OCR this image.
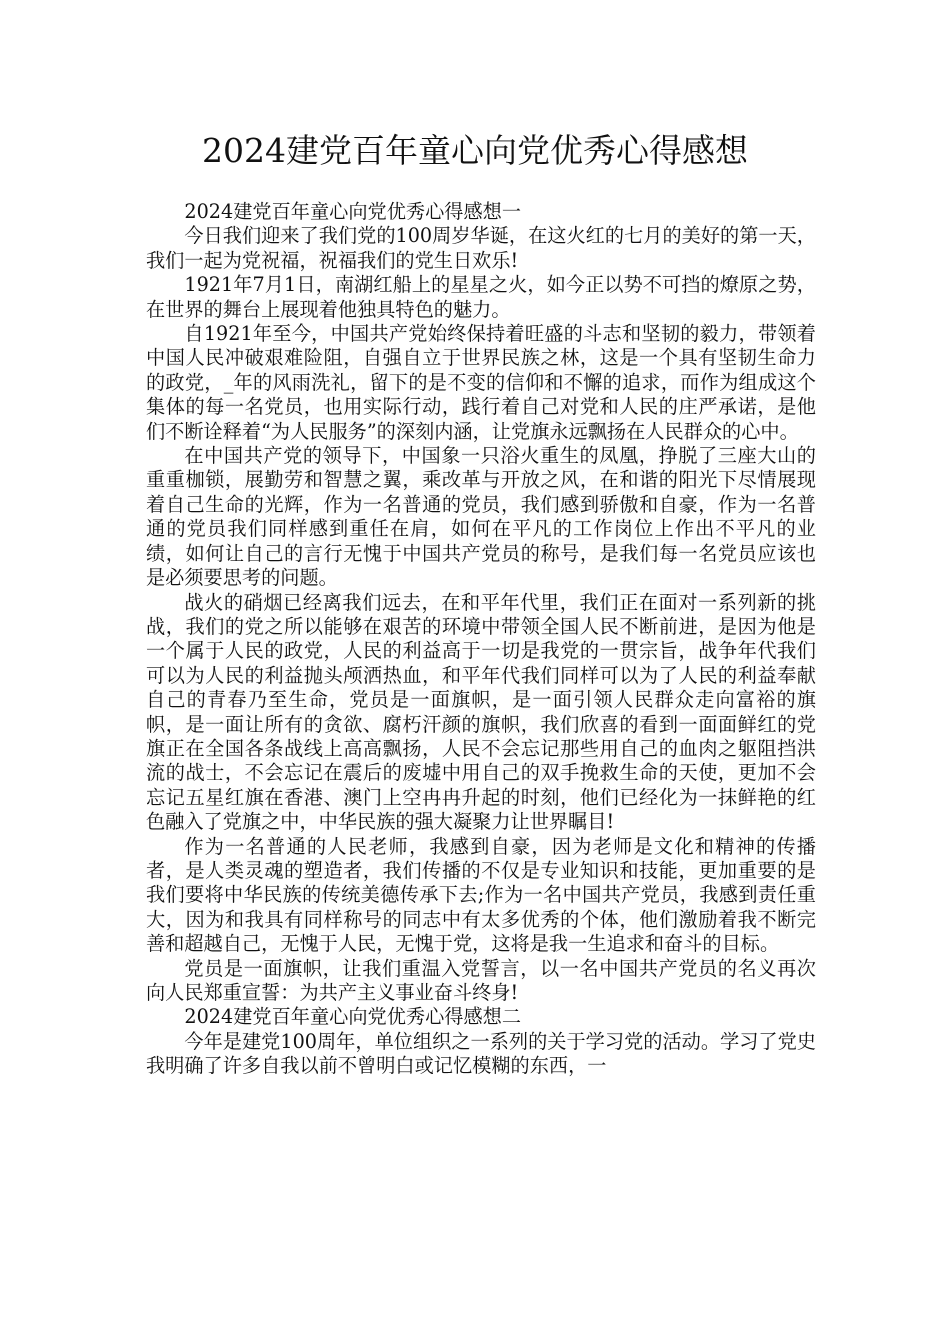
2024建党百年童心向党优秀心得感想

2024建党百年童心向党优秀心得感想一

今日我们迎来了我们党的100周岁华诞，在这火红的七月的美好的第一天，我们一起为党祝福，祝福我们的党生日欢乐!

1921年7月1日，南湖红船上的星星之火，如今正以势不可挡的燎原之势，在世界的舞台上展现着他独具特色的魅力。

自1921年至今，中国共产党始终保持着旺盛的斗志和坚韧的毅力，带领着中国人民冲破艰难险阻，自强自立于世界民族之林，这是一个具有坚韧生命力的政党，_年的风雨洗礼，留下的是不变的信仰和不懈的追求，而作为组成这个集体的每一名党员，也用实际行动，践行着自己对党和人民的庄严承诺，是他们不断诠释着“为人民服务”的深刻内涵，让党旗永远飘扬在人民群众的心中。

在中国共产党的领导下，中国象一只浴火重生的凤凰，挣脱了三座大山的重重枷锁，展勤劳和智慧之翼，乘改革与开放之风，在和谐的阳光下尽情展现着自己生命的光辉，作为一名普通的党员，我们感到骄傲和自豪，作为一名普通的党员我们同样感到重任在肩，如何在平凡的工作岗位上作出不平凡的业绩，如何让自己的言行无愧于中国共产党员的称号，是我们每一名党员应该也是必须要思考的问题。

战火的硝烟已经离我们远去，在和平年代里，我们正在面对一系列新的挑战，我们的党之所以能够在艰苦的环境中带领全国人民不断前进，是因为他是一个属于人民的政党，人民的利益高于一切是我党的一贯宗旨，战争年代我们可以为人民的利益抛头颅洒热血，和平年代我们同样可以为了人民的利益奉献自己的青春乃至生命，党员是一面旗帜，是一面引领人民群众走向富裕的旗帜，是一面让所有的贪欲、腐朽汗颜的旗帜，我们欣喜的看到一面面鲜红的党旗正在全国各条战线上高高飘扬，人民不会忘记那些用自己的血肉之躯阻挡洪流的战士，不会忘记在震后的废墟中用自己的双手挽救生命的天使，更加不会忘记五星红旗在香港、澳门上空冉冉升起的时刻，他们已经化为一抹鲜艳的红色融入了党旗之中，中华民族的强大凝聚力让世界瞩目!

作为一名普通的人民老师，我感到自豪，因为老师是文化和精神的传播者，是人类灵魂的塑造者，我们传播的不仅是专业知识和技能，更加重要的是我们要将中华民族的传统美德传承下去;作为一名中国共产党员，我感到责任重大，因为和我具有同样称号的同志中有太多优秀的个体，他们激励着我不断完善和超越自己，无愧于人民，无愧于党，这将是我一生追求和奋斗的目标。

党员是一面旗帜，让我们重温入党誓言，以一名中国共产党员的名义再次向人民郑重宣誓：为共产主义事业奋斗终身!

2024建党百年童心向党优秀心得感想二

今年是建党100周年，单位组织之一系列的关于学习党的活动。学习了党史我明确了许多自我以前不曾明白或记忆模糊的东西，一
